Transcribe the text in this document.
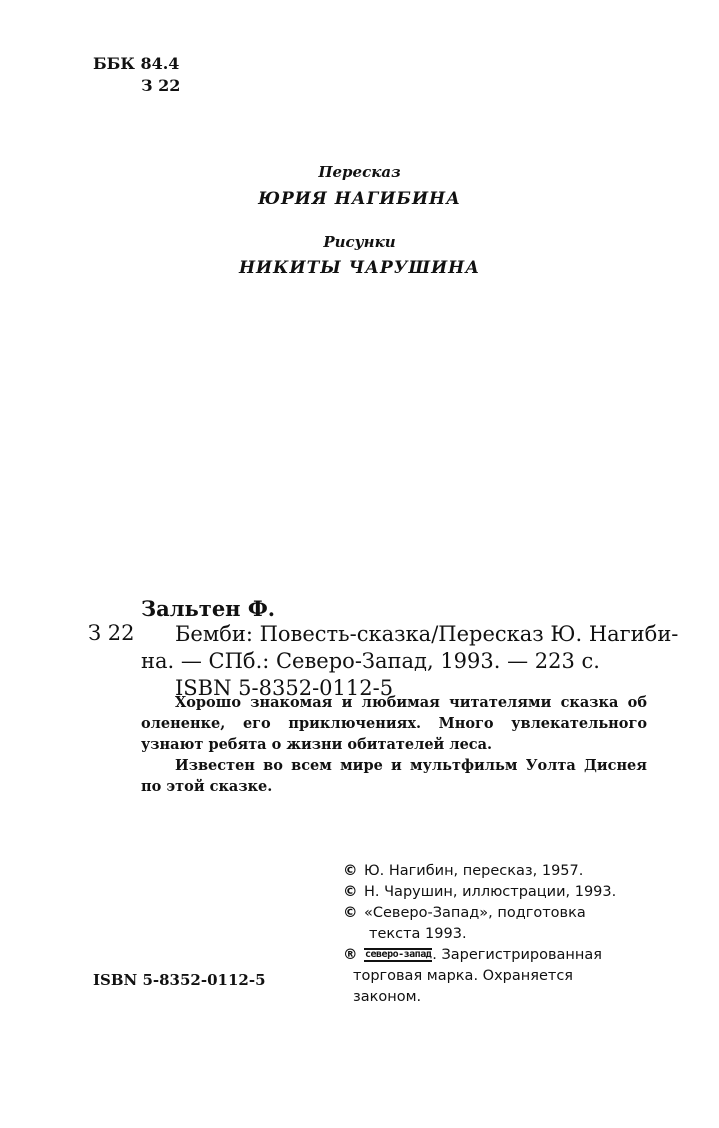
ББК 84.4
З 22
Пересказ
ЮРИЯ НАГИБИНА
Рисунки
НИКИТЫ ЧАРУШИНА
Зальтен Ф.
З 22	Бемби: Повесть-сказка/Пересказ Ю. Нагиби-
на. — СПб.: Северо-Запад, 1993. — 223 с.
ISBN 5-8352-0112-5
Хорошо знакомая и любимая читателями сказка об олененке, его приключениях. Много увлекательного узнают ребята о жизни обитателей леса.
Известен во всем мире и мультфильм Уолта Диснея по этой сказке.
© Ю. Нагибин, пересказ, 1957.
© Н. Чарушин, иллюстрации, 1993.
© «Северо-Запад», подготовка
текста 1993.
® северо-запад. Зарегистрированная
торговая марка. Охраняется
законом.
ISBN 5-8352-0112-5
